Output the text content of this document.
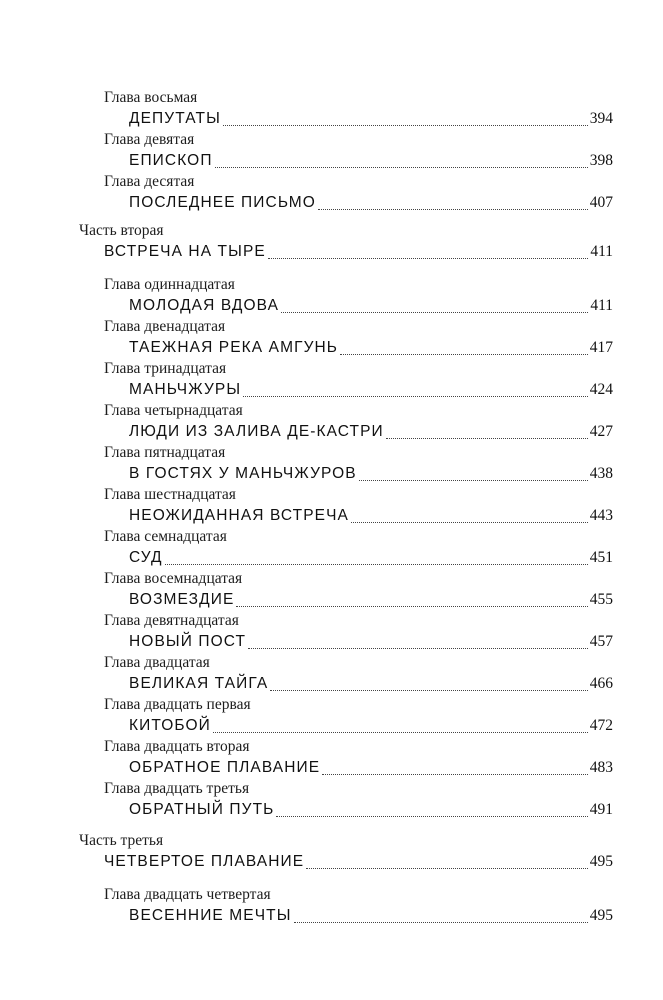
Глава восьмая
ДЕПУТАТЫ	394
Глава девятая
ЕПИСКОП	398
Глава десятая
ПОСЛЕДНЕЕ ПИСЬМО	407
Часть вторая
ВСТРЕЧА НА ТЫРЕ	411
Глава одиннадцатая
МОЛОДАЯ ВДОВА	411
Глава двенадцатая
ТАЕЖНАЯ РЕКА АМГУНЬ	417
Глава тринадцатая
МАНЬЧЖУРЫ	424
Глава четырнадцатая
ЛЮДИ ИЗ ЗАЛИВА ДЕ-КАСТРИ	427
Глава пятнадцатая
В ГОСТЯХ У МАНЬЧЖУРОВ	438
Глава шестнадцатая
НЕОЖИДАННАЯ ВСТРЕЧА	443
Глава семнадцатая
СУД	451
Глава восемнадцатая
ВОЗМЕЗДИЕ	455
Глава девятнадцатая
НОВЫЙ ПОСТ	457
Глава двадцатая
ВЕЛИКАЯ ТАЙГА	466
Глава двадцать первая
КИТОБОЙ	472
Глава двадцать вторая
ОБРАТНОЕ ПЛАВАНИЕ	483
Глава двадцать третья
ОБРАТНЫЙ ПУТЬ	491
Часть третья
ЧЕТВЕРТОЕ ПЛАВАНИЕ	495
Глава двадцать четвертая
ВЕСЕННИЕ МЕЧТЫ	495
